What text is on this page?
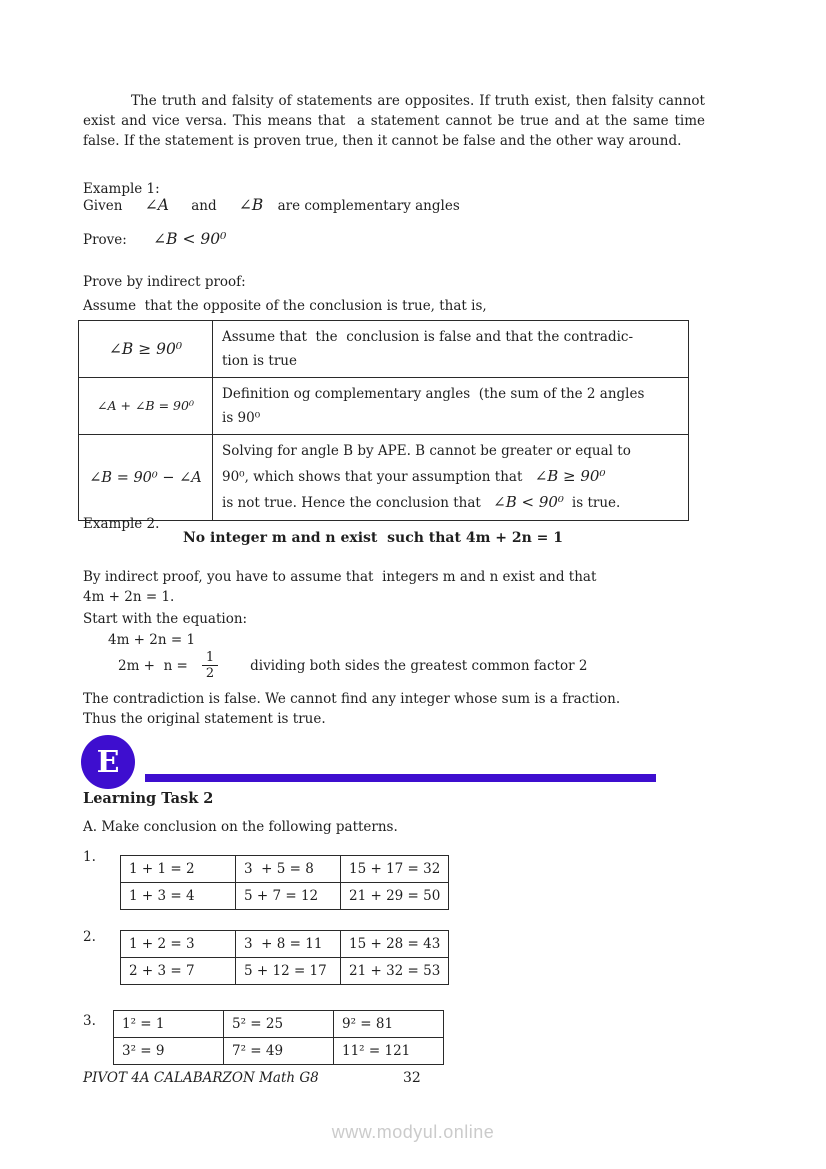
The truth and falsity of statements are opposites. If truth exist, then falsity cannot exist and vice versa. This means that  a statement cannot be true and at the same time false. If the statement is proven true, then it cannot be false and the other way around.

Example 1:
Given ∠A and ∠B are complementary angles
Prove: ∠B < 90⁰
Prove by indirect proof:
Assume  that the opposite of the conclusion is true, that is,
∠B ≥ 90⁰	Assume that  the  conclusion is false and that the contradic-
tion is true

∠A + ∠B = 90⁰	Definition og complementary angles  (the sum of the 2 angles
is 90⁰

∠B = 90⁰ − ∠A	Solving for angle B by APE. B cannot be greater or equal to
90⁰, which shows that your assumption that ∠B ≥ 90⁰
is not true. Hence the conclusion that ∠B < 90⁰ is true.
Example 2.
No integer m and n exist  such that 4m + 2n = 1
By indirect proof, you have to assume that  integers m and n exist and that
4m + 2n = 1.
Start with the equation:
4m + 2n = 1
$2m + n = \frac{1}{2}$ dividing both sides the greatest common factor 2
The contradiction is false. We cannot find any integer whose sum is a fraction.
Thus the original statement is true.
E
Learning Task 2
A. Make conclusion on the following patterns.
1.
1 + 1 = 2	3  + 5 = 8	15 + 17 = 32
1 + 3 = 4	5 + 7 = 12	21 + 29 = 50
2.	1 + 2 = 3	3  + 8 = 11	15 + 28 = 43
2 + 3 = 7	5 + 12 = 17	21 + 32 = 53
3.	1² = 1	5² = 25	9² = 81
3² = 9	7² = 49	11² = 121
PIVOT 4A CALABARZON Math G8	32
www.modyul.online
